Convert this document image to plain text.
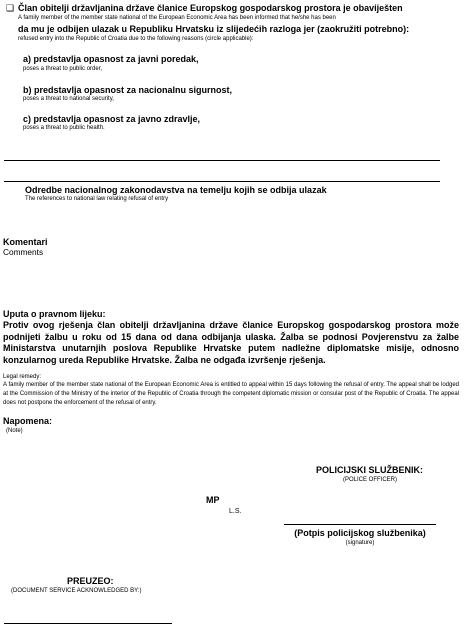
❑ Član obitelji državljanina države članice Europskog gospodarskog prostora je obaviješten
A family member of the member state national of the European Economic Area has been informed that he/she has been
da mu je odbijen ulazak u Republiku Hrvatsku iz slijedećih razloga jer (zaokružiti potrebno):
refused entry into the Republic of Croatia due to the following reasons (circle applicable):
a) predstavlja opasnost za javni poredak,
poses a threat to public order,
b) predstavlja opasnost za nacionalnu sigurnost,
poses a threat to national security,
c) predstavlja opasnost za javno zdravlje,
poses a threat to public health.
Odredbe nacionalnog zakonodavstva na temelju kojih se odbija ulazak
The references to national law relating refusal of entry
Komentari
Comments
Uputa o pravnom lijeku:
Protiv ovog rješenja član obitelji državljanina države članice Europskog gospodarskog prostora može podnijeti žalbu u roku od 15 dana od dana odbijanja ulaska. Žalba se podnosi Povjerenstvu za žalbe Ministarstva unutarnjih poslova Republike Hrvatske putem nadležne diplomatske misije, odnosno konzularnog ureda Republike Hrvatske. Žalba ne odgađa izvršenje rješenja.
Legal remedy:
A family member of the member state national of the European Economic Area is entitled to appeal within 15 days following the refusal of entry. The appeal shall be lodged at the Commission of the Ministry of the interior of the Republic of Croatia through the competent diplomatic mission or consular post of the Republic of Croatia. The appeal does not postpone the enforcement of the refusal of entry.
Napomena:
(Note)
POLICIJSKI SLUŽBENIK:
(POLICE OFFICER)
MP
L.S.
(Potpis policijskog službenika)
(signature)
PREUZEO:
(DOCUMENT SERVICE ACKNOWLEDGED BY:)
